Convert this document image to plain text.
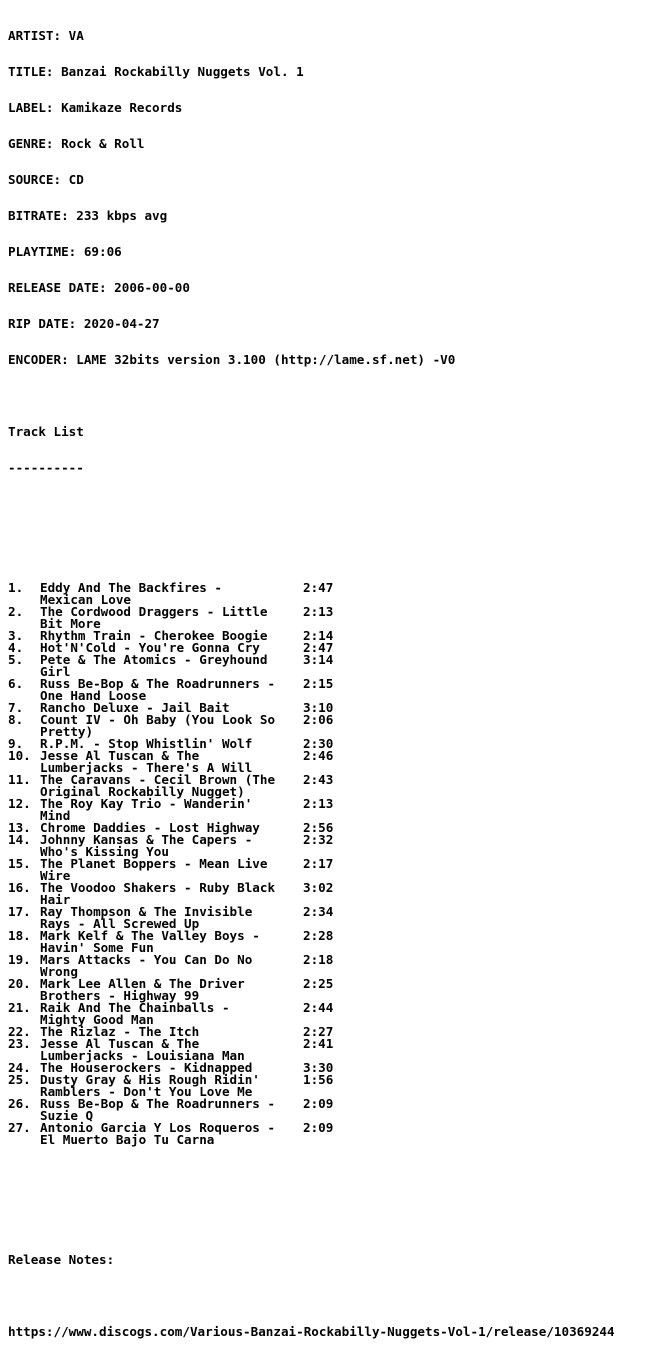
ARTIST: VA

TITLE: Banzai Rockabilly Nuggets Vol. 1

LABEL: Kamikaze Records

GENRE: Rock & Roll

SOURCE: CD

BITRATE: 233 kbps avg

PLAYTIME: 69:06

RELEASE DATE: 2006-00-00

RIP DATE: 2020-04-27

ENCODER: LAME 32bits version 3.100 (http://lame.sf.net) -V0

Track List

----------

1.	Eddy And The Backfires -
Mexican Love
2:47
2.	The Cordwood Draggers - Little
Bit More
2:13
3.	Rhythm Train - Cherokee Boogie	2:14
4.	Hot'N'Cold - You're Gonna Cry	2:47
5.	Pete & The Atomics - Greyhound
Girl
3:14
6.	Russ Be-Bop & The Roadrunners -
One Hand Loose
2:15
7.	Rancho Deluxe - Jail Bait	3:10
8.	Count IV - Oh Baby (You Look So
Pretty)
2:06
9.	R.P.M. - Stop Whistlin' Wolf	2:30
10. Jesse Al Tuscan & The
Lumberjacks - There's A Will
2:46
11. The Caravans - Cecil Brown (The
Original Rockabilly Nugget)
2:43
12. The Roy Kay Trio - Wanderin'
Mind
2:13
13. Chrome Daddies - Lost Highway	2:56
14. Johnny Kansas & The Capers -
Who's Kissing You
2:32
15. The Planet Boppers - Mean Live
Wire
2:17
16. The Voodoo Shakers - Ruby Black
Hair
3:02
17. Ray Thompson & The Invisible
Rays - All Screwed Up
2:34
18. Mark Kelf & The Valley Boys -
Havin' Some Fun
2:28
19. Mars Attacks - You Can Do No
Wrong
2:18
20. Mark Lee Allen & The Driver
Brothers - Highway 99
2:25
21. Raik And The Chainballs -
Mighty Good Man
2:44
22. The Rizlaz - The Itch	2:27
23. Jesse Al Tuscan & The
Lumberjacks - Louisiana Man
2:41
24. The Houserockers - Kidnapped	3:30
25. Dusty Gray & His Rough Ridin'
Ramblers - Don't You Love Me
1:56
26. Russ Be-Bop & The Roadrunners -
Suzie Q
2:09
27. Antonio Garcia Y Los Roqueros -
El Muerto Bajo Tu Carna
2:09

Release Notes:

https://www.discogs.com/Various-Banzai-Rockabilly-Nuggets-Vol-1/release/10369244
